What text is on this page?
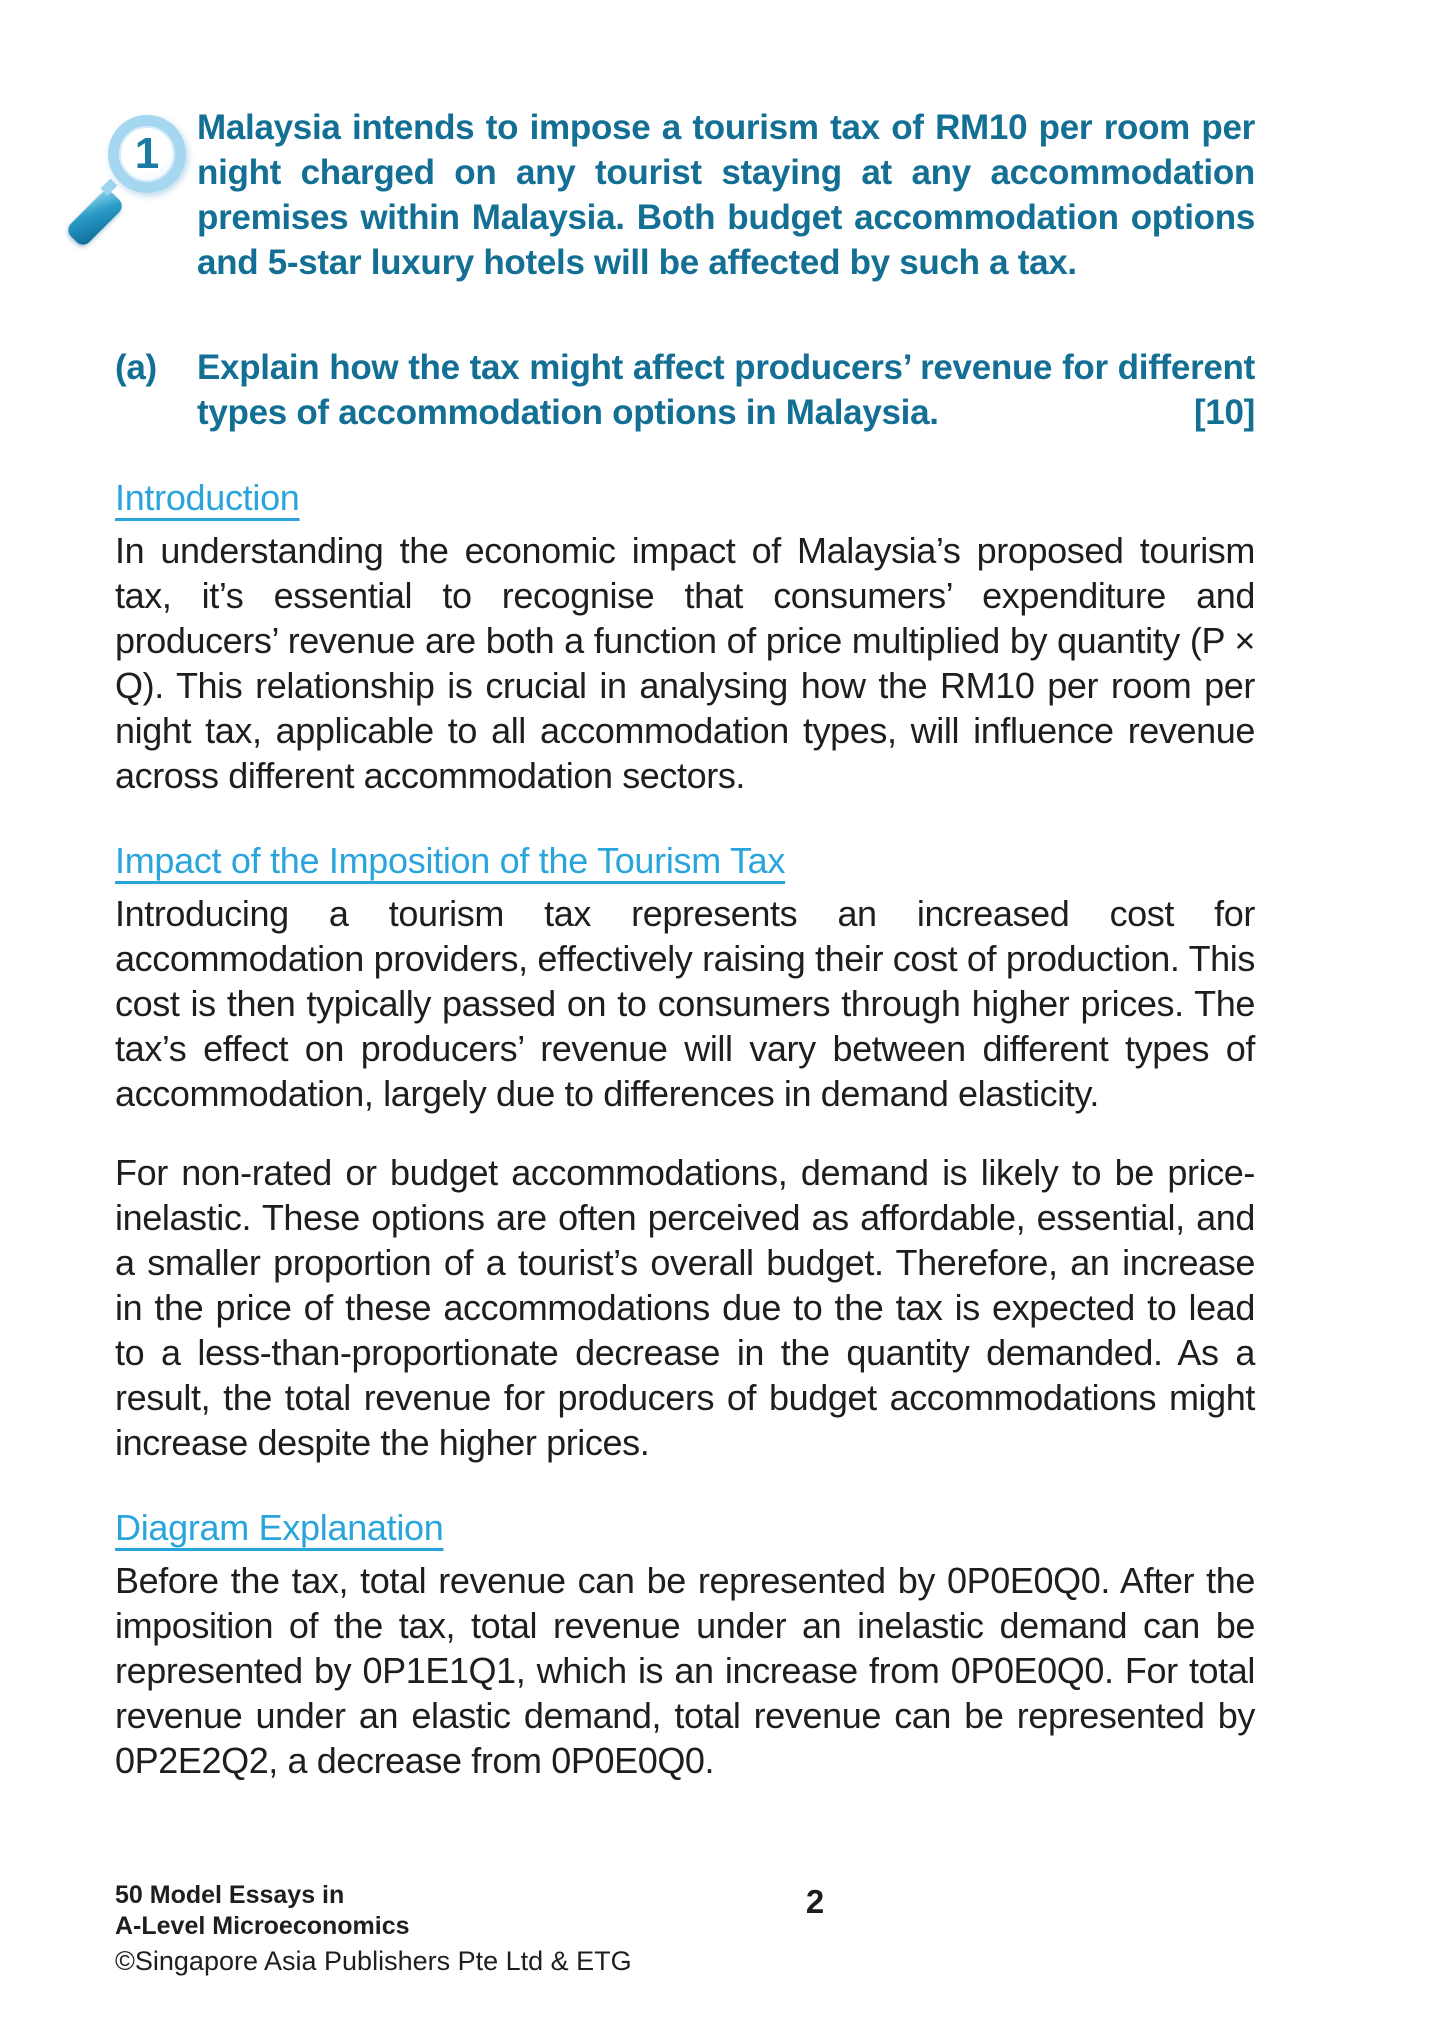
1

Malaysia intends to impose a tourism tax of RM10 per room per night charged on any tourist staying at any accommodation premises within Malaysia. Both budget accommodation options and 5-star luxury hotels will be affected by such a tax.

(a) Explain how the tax might affect producers’ revenue for different types of accommodation options in Malaysia.	[10]
Introduction

In understanding the economic impact of Malaysia’s proposed tourism tax, it’s essential to recognise that consumers’ expenditure and producers’ revenue are both a function of price multiplied by quantity (P × Q). This relationship is crucial in analysing how the RM10 per room per night tax, applicable to all accommodation types, will influence revenue across different accommodation sectors.

Impact of the Imposition of the Tourism Tax

Introducing a tourism tax represents an increased cost for accommodation providers, effectively raising their cost of production. This cost is then typically passed on to consumers through higher prices. The tax’s effect on producers’ revenue will vary between different types of accommodation, largely due to differences in demand elasticity.

For non-rated or budget accommodations, demand is likely to be price-inelastic. These options are often perceived as affordable, essential, and a smaller proportion of a tourist’s overall budget. Therefore, an increase in the price of these accommodations due to the tax is expected to lead to a less-than-proportionate decrease in the quantity demanded. As a result, the total revenue for producers of budget accommodations might increase despite the higher prices.

Diagram Explanation

Before the tax, total revenue can be represented by 0P0E0Q0. After the imposition of the tax, total revenue under an inelastic demand can be represented by 0P1E1Q1, which is an increase from 0P0E0Q0. For total revenue under an elastic demand, total revenue can be represented by 0P2E2Q2, a decrease from 0P0E0Q0.

50 Model Essays in
A-Level Microeconomics
©Singapore Asia Publishers Pte Ltd & ETG
2
